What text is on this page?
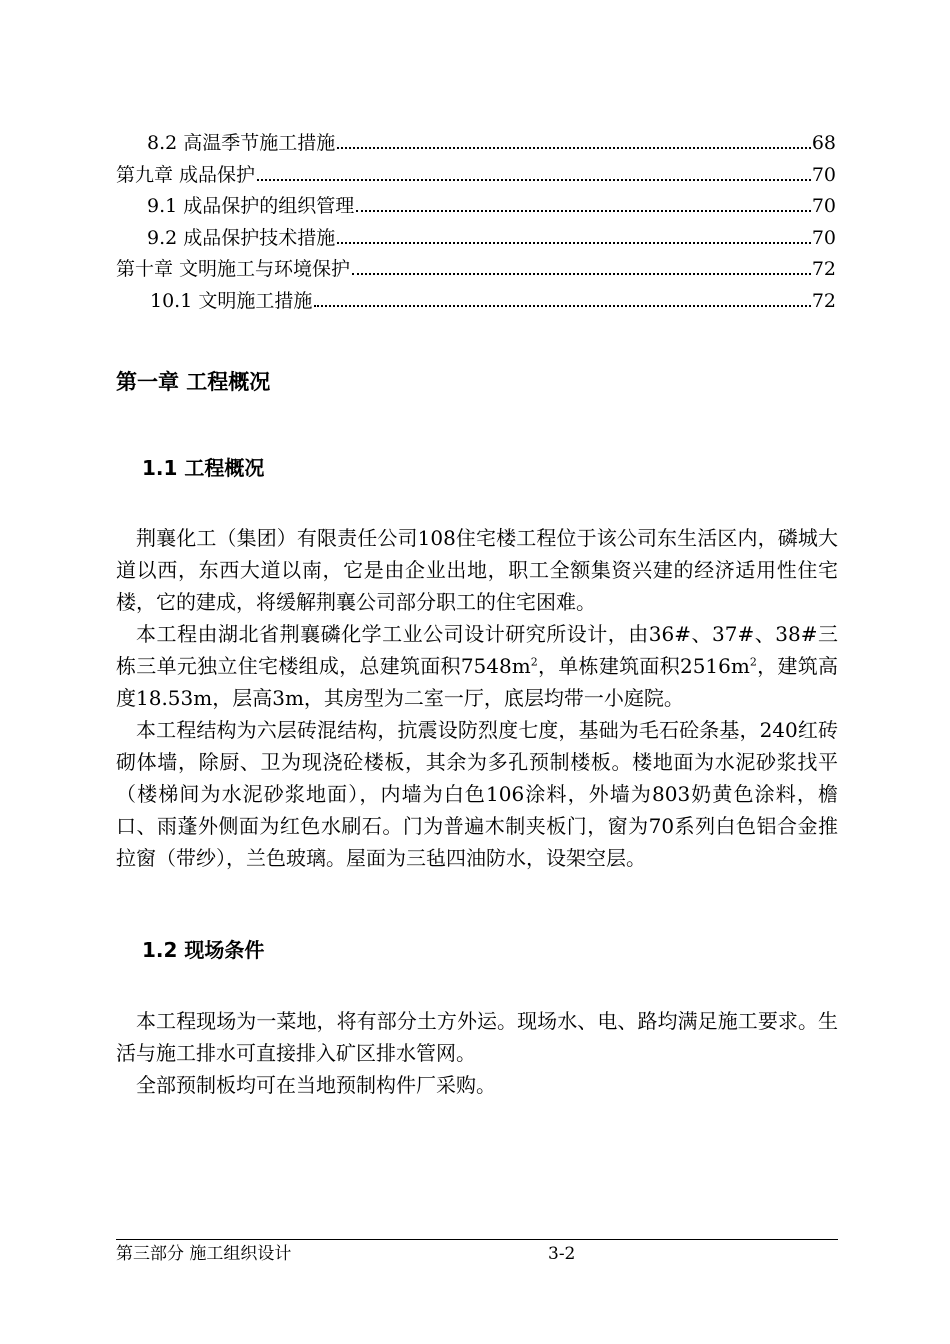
8.2 高温季节施工措施	68
第九章 成品保护	70
9.1 成品保护的组织管理	70
9.2 成品保护技术措施	70
第十章 文明施工与环境保护	72
10.1 文明施工措施	72
第一章 工程概况
1.1 工程概况

荆襄化工（集团）有限责任公司108住宅楼工程位于该公司东生活区内，磷城大道以西，东西大道以南，它是由企业出地，职工全额集资兴建的经济适用性住宅楼，它的建成，将缓解荆襄公司部分职工的住宅困难。

本工程由湖北省荆襄磷化学工业公司设计研究所设计，由36#、37#、38#三栋三单元独立住宅楼组成，总建筑面积$7548m^2$，单栋建筑面积$2516m^2$，建筑高度18.53m，层高3m，其房型为二室一厅，底层均带一小庭院。

本工程结构为六层砖混结构，抗震设防烈度七度，基础为毛石砼条基，240红砖砌体墙，除厨、卫为现浇砼楼板，其余为多孔预制楼板。楼地面为水泥砂浆找平（楼梯间为水泥砂浆地面），内墙为白色106涂料，外墙为803奶黄色涂料，檐口、雨蓬外侧面为红色水刷石。门为普遍木制夹板门，窗为70系列白色铝合金推拉窗（带纱），兰色玻璃。屋面为三毡四油防水，设架空层。

1.2 现场条件

本工程现场为一菜地，将有部分土方外运。现场水、电、路均满足施工要求。生活与施工排水可直接排入矿区排水管网。

全部预制板均可在当地预制构件厂采购。

第三部分 施工组织设计	3-2
